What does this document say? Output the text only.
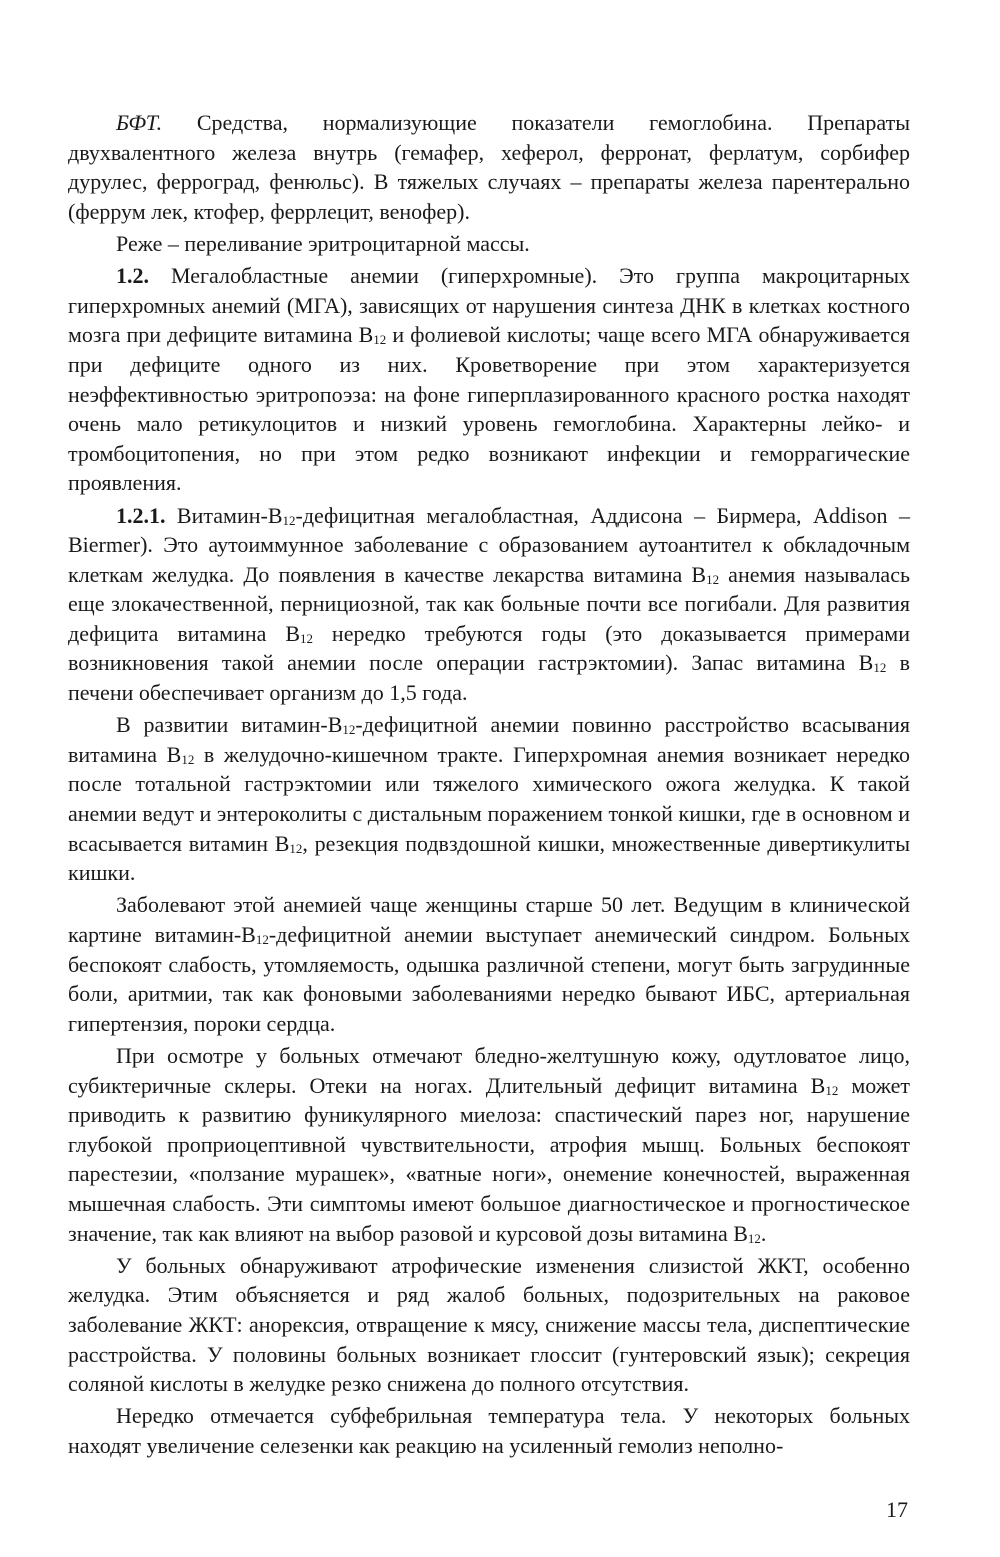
БФТ. Средства, нормализующие показатели гемоглобина. Препараты двухвалентного железа внутрь (гемафер, хеферол, ферронат, ферлатум, сорбифер дурулес, ферроград, фенюльс). В тяжелых случаях – препараты железа парентерально (феррум лек, ктофер, феррлецит, венофер).

Реже – переливание эритроцитарной массы.

1.2. Мегалобластные анемии (гиперхромные). Это группа макроцитарных гиперхромных анемий (МГА), зависящих от нарушения синтеза ДНК в клетках костного мозга при дефиците витамина $В_{12}$ и фолиевой кислоты; чаще всего МГА обнаруживается при дефиците одного из них. Кроветворение при этом характеризуется неэффективностью эритропоэза: на фоне гиперплазированного красного ростка находят очень мало ретикулоцитов и низкий уровень гемоглобина. Характерны лейко- и тромбоцитопения, но при этом редко возникают инфекции и геморрагические проявления.

1.2.1. Витамин-$В_{12}$-дефицитная мегалобластная, Аддисона – Бирмера, Addison – Biermer). Это аутоиммунное заболевание с образованием аутоантител к обкладочным клеткам желудка. До появления в качестве лекарства витамина $В_{12}$ анемия называлась еще злокачественной, пернициозной, так как больные почти все погибали. Для развития дефицита витамина $В_{12}$ нередко требуются годы (это доказывается примерами возникновения такой анемии после операции гастрэктомии). Запас витамина $В_{12}$ в печени обеспечивает организм до 1,5 года.

В развитии витамин-$В_{12}$-дефицитной анемии повинно расстройство всасывания витамина $В_{12}$ в желудочно-кишечном тракте. Гиперхромная анемия возникает нередко после тотальной гастрэктомии или тяжелого химического ожога желудка. К такой анемии ведут и энтероколиты с дистальным поражением тонкой кишки, где в основном и всасывается витамин $В_{12}$, резекция подвздошной кишки, множественные дивертикулиты кишки.

Заболевают этой анемией чаще женщины старше 50 лет. Ведущим в клинической картине витамин-$В_{12}$-дефицитной анемии выступает анемический синдром. Больных беспокоят слабость, утомляемость, одышка различной степени, могут быть загрудинные боли, аритмии, так как фоновыми заболеваниями нередко бывают ИБС, артериальная гипертензия, пороки сердца.

При осмотре у больных отмечают бледно-желтушную кожу, одутловатое лицо, субиктеричные склеры. Отеки на ногах. Длительный дефицит витамина $В_{12}$ может приводить к развитию фуникулярного миелоза: спастический парез ног, нарушение глубокой проприоцептивной чувствительности, атрофия мышц. Больных беспокоят парестезии, «ползание мурашек», «ватные ноги», онемение конечностей, выраженная мышечная слабость. Эти симптомы имеют большое диагностическое и прогностическое значение, так как влияют на выбор разовой и курсовой дозы витамина $В_{12}$.

У больных обнаруживают атрофические изменения слизистой ЖКТ, особенно желудка. Этим объясняется и ряд жалоб больных, подозрительных на раковое заболевание ЖКТ: анорексия, отвращение к мясу, снижение массы тела, диспептические расстройства. У половины больных возникает глоссит (гунтеровский язык); секреция соляной кислоты в желудке резко снижена до полного отсутствия.

Нередко отмечается субфебрильная температура тела. У некоторых больных находят увеличение селезенки как реакцию на усиленный гемолиз неполно-

17
